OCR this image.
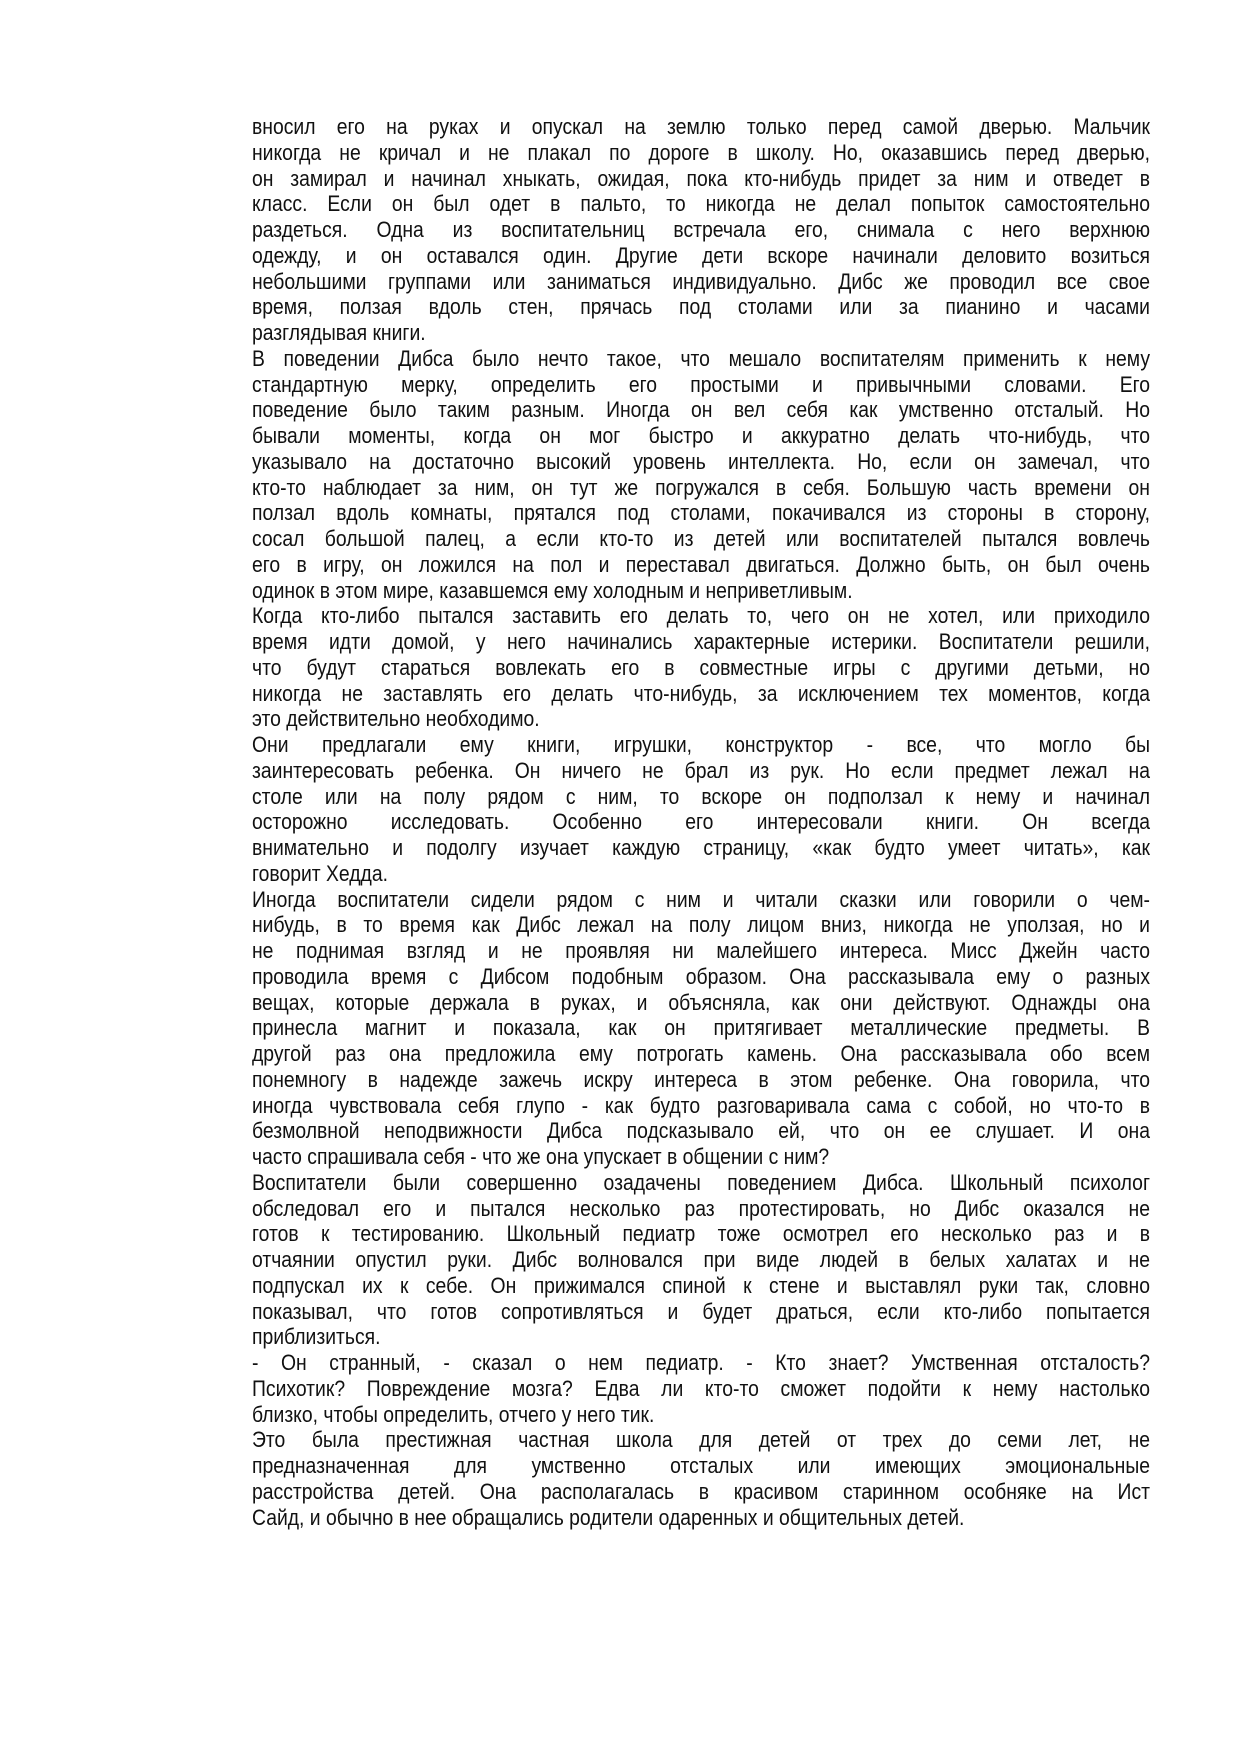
вносил его на руках и опускал на землю только перед самой дверью. Мальчик
никогда не кричал и не плакал по дороге в школу. Но, оказавшись перед дверью,
он замирал и начинал хныкать, ожидая, пока кто-нибудь придет за ним и отведет в
класс. Если он был одет в пальто, то никогда не делал попыток самостоятельно
раздеться. Одна из воспитательниц встречала его, снимала с него верхнюю
одежду, и он оставался один. Другие дети вскоре начинали деловито возиться
небольшими группами или заниматься индивидуально. Дибс же проводил все свое
время, ползая вдоль стен, прячась под столами или за пианино и часами
разглядывая книги.
В поведении Дибса было нечто такое, что мешало воспитателям применить к нему
стандартную мерку, определить его простыми и привычными словами. Его
поведение было таким разным. Иногда он вел себя как умственно отсталый. Но
бывали моменты, когда он мог быстро и аккуратно делать что-нибудь, что
указывало на достаточно высокий уровень интеллекта. Но, если он замечал, что
кто-то наблюдает за ним, он тут же погружался в себя. Большую часть времени он
ползал вдоль комнаты, прятался под столами, покачивался из стороны в сторону,
сосал большой палец, а если кто-то из детей или воспитателей пытался вовлечь
его в игру, он ложился на пол и переставал двигаться. Должно быть, он был очень
одинок в этом мире, казавшемся ему холодным и неприветливым.
Когда кто-либо пытался заставить его делать то, чего он не хотел, или приходило
время идти домой, у него начинались характерные истерики. Воспитатели решили,
что будут стараться вовлекать его в совместные игры с другими детьми, но
никогда не заставлять его делать что-нибудь, за исключением тех моментов, когда
это действительно необходимо.
Они предлагали ему книги, игрушки, конструктор - все, что могло бы
заинтересовать ребенка. Он ничего не брал из рук. Но если предмет лежал на
столе или на полу рядом с ним, то вскоре он подползал к нему и начинал
осторожно исследовать. Особенно его интересовали книги. Он всегда
внимательно и подолгу изучает каждую страницу, «как будто умеет читать», как
говорит Хедда.
Иногда воспитатели сидели рядом с ним и читали сказки или говорили о чем-
нибудь, в то время как Дибс лежал на полу лицом вниз, никогда не уползая, но и
не поднимая взгляд и не проявляя ни малейшего интереса. Мисс Джейн часто
проводила время с Дибсом подобным образом. Она рассказывала ему о разных
вещах, которые держала в руках, и объясняла, как они действуют. Однажды она
принесла магнит и показала, как он притягивает металлические предметы. В
другой раз она предложила ему потрогать камень. Она рассказывала обо всем
понемногу в надежде зажечь искру интереса в этом ребенке. Она говорила, что
иногда чувствовала себя глупо - как будто разговаривала сама с собой, но что-то в
безмолвной неподвижности Дибса подсказывало ей, что он ее слушает. И она
часто спрашивала себя - что же она упускает в общении с ним?
Воспитатели были совершенно озадачены поведением Дибса. Школьный психолог
обследовал его и пытался несколько раз протестировать, но Дибс оказался не
готов к тестированию. Школьный педиатр тоже осмотрел его несколько раз и в
отчаянии опустил руки. Дибс волновался при виде людей в белых халатах и не
подпускал их к себе. Он прижимался спиной к стене и выставлял руки так, словно
показывал, что готов сопротивляться и будет драться, если кто-либо попытается
приблизиться.
- Он странный, - сказал о нем педиатр. - Кто знает? Умственная отсталость?
Психотик? Повреждение мозга? Едва ли кто-то сможет подойти к нему настолько
близко, чтобы определить, отчего у него тик.
Это была престижная частная школа для детей от трех до семи лет, не
предназначенная для умственно отсталых или имеющих эмоциональные
расстройства детей. Она располагалась в красивом старинном особняке на Ист
Сайд, и обычно в нее обращались родители одаренных и общительных детей.
